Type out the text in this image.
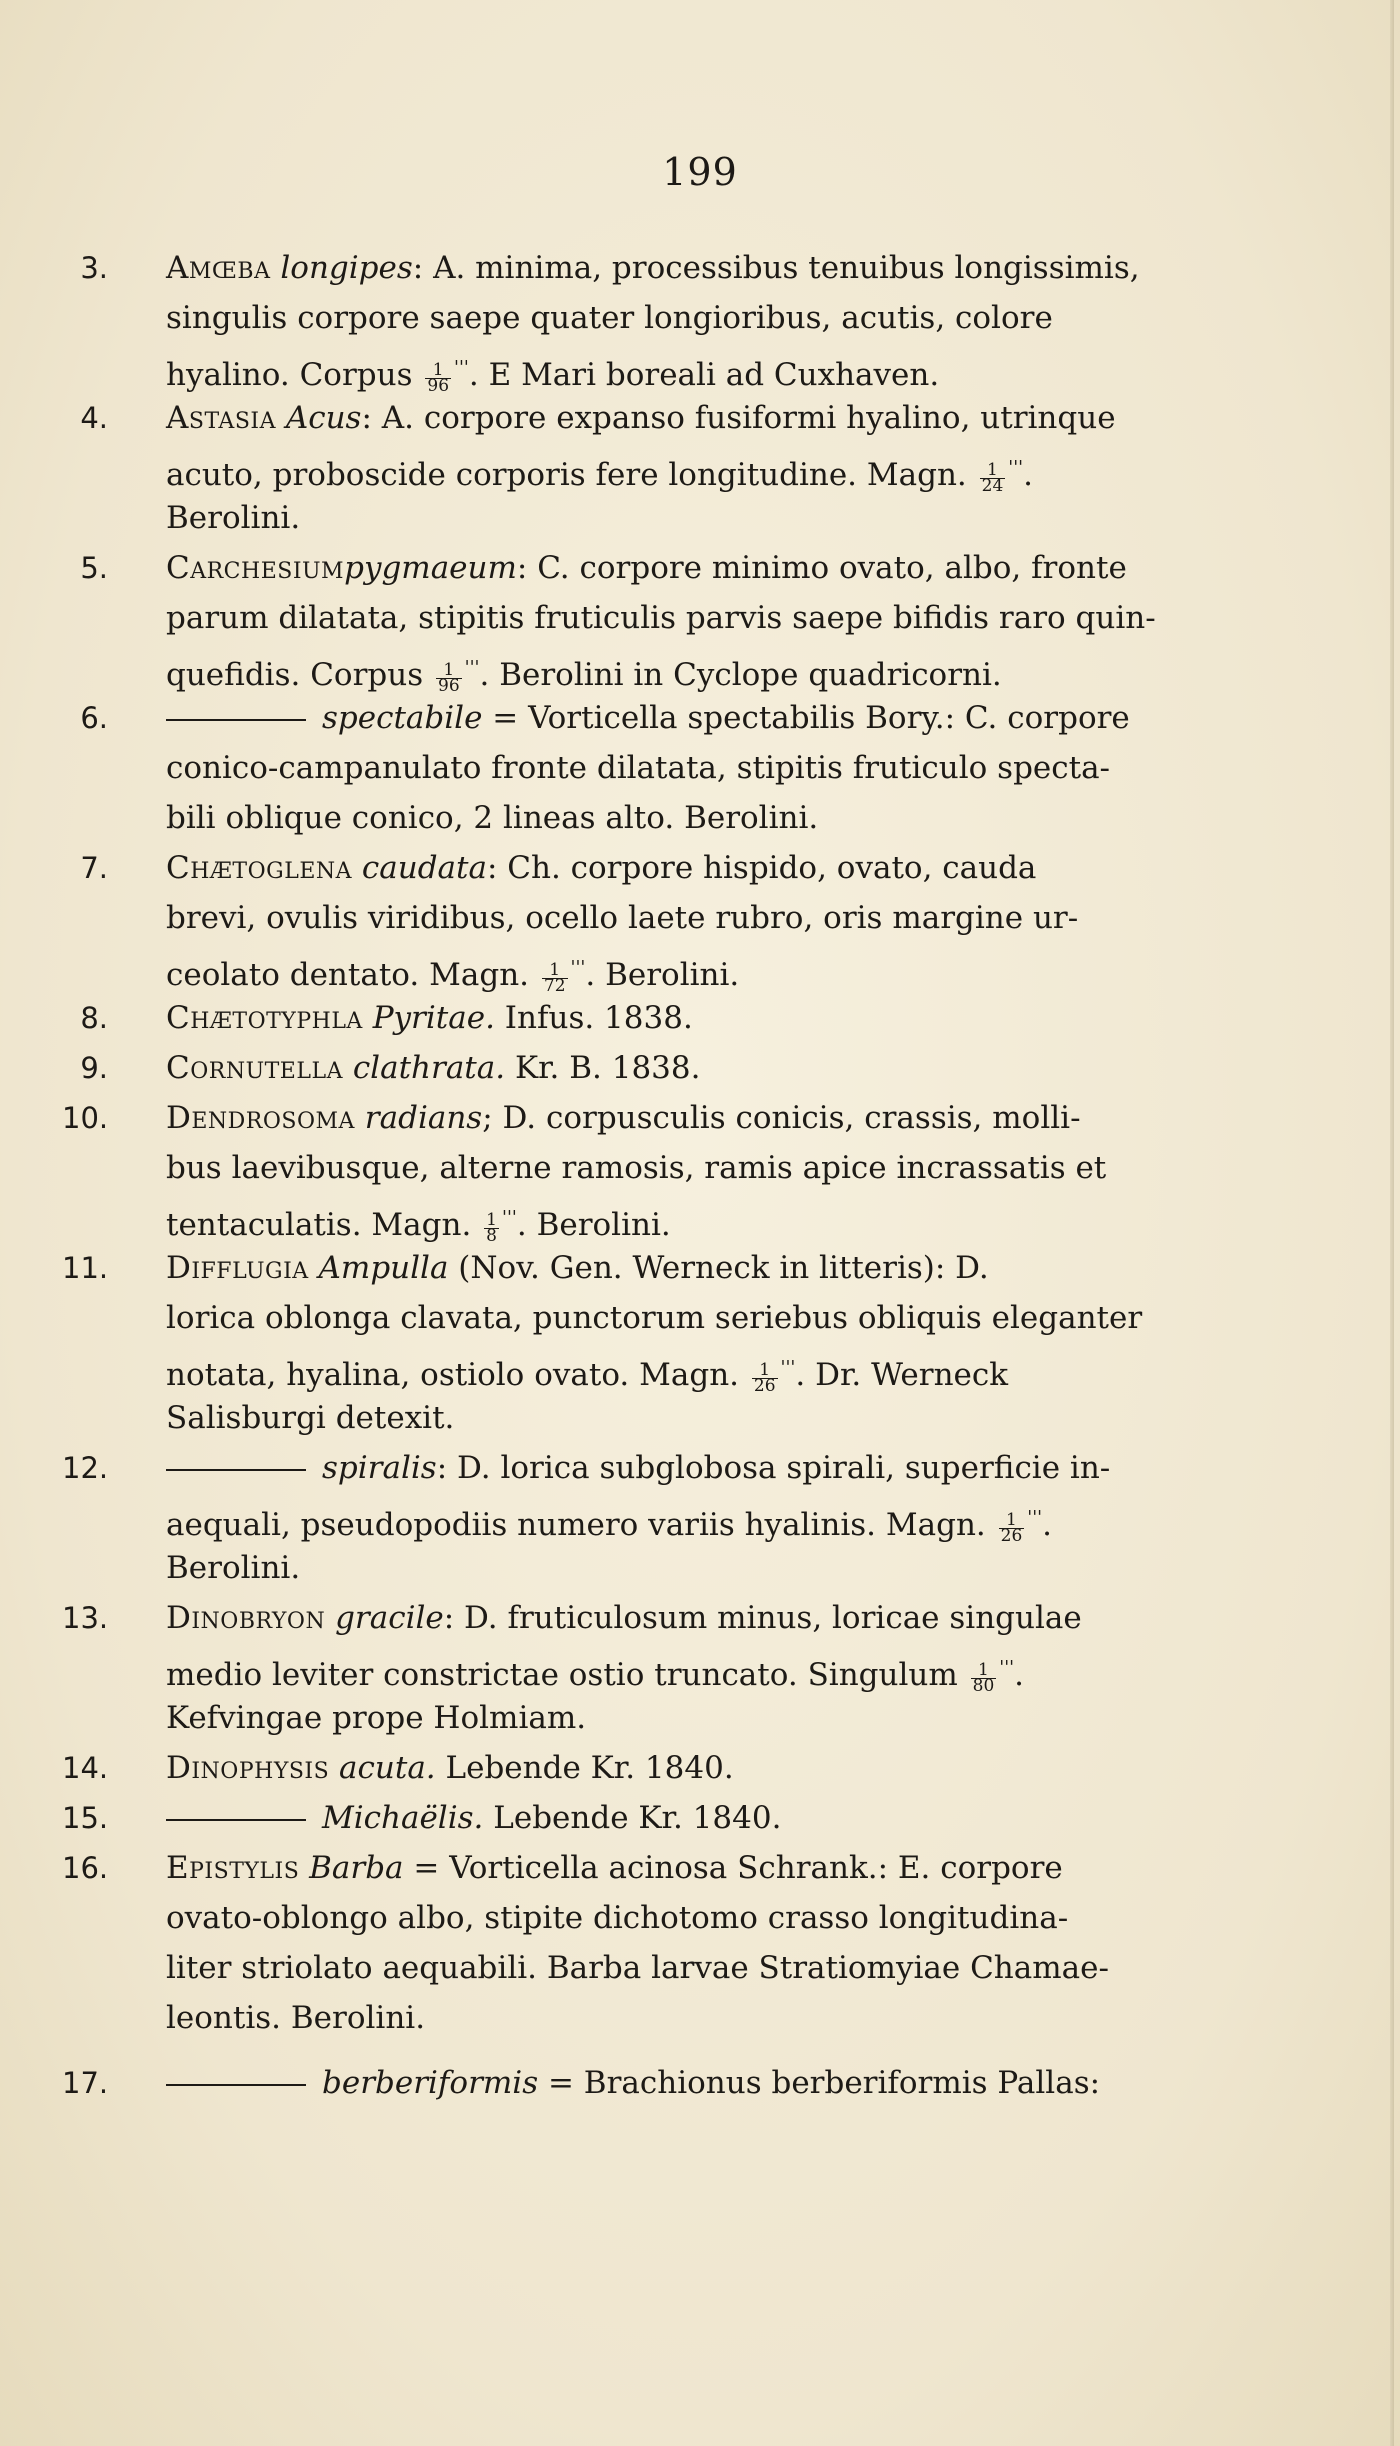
199
3. Amœba longipes: A. minima, processibus tenuibus longissimis,
singulis corpore saepe quater longioribus, acutis, colore
hyalino. Corpus $\frac{1}{96} '''$. E Mari boreali ad Cuxhaven.
4. Astasia Acus: A. corpore expanso fusiformi hyalino, utrinque
acuto, proboscide corporis fere longitudine. Magn. $\frac{1}{24} '''$.
Berolini.
5. Carchesiumpygmaeum: C. corpore minimo ovato, albo, fronte
parum dilatata, stipitis fruticulis parvis saepe bifidis raro quin-
quefidis. Corpus $\frac{1}{96} '''$. Berolini in Cyclope quadricorni.
6.	spectabile = Vorticella spectabilis Bory.: C. corpore
conico-campanulato fronte dilatata, stipitis fruticulo specta-
bili oblique conico, 2 lineas alto. Berolini.
7. Chætoglena caudata: Ch. corpore hispido, ovato, cauda
brevi, ovulis viridibus, ocello laete rubro, oris margine ur-
ceolato dentato. Magn. $\frac{1}{72} '''$. Berolini.
8. Chætotyphla Pyritae. Infus. 1838.
9. Cornutella clathrata. Kr. B. 1838.
10. Dendrosoma radians; D. corpusculis conicis, crassis, molli-
bus laevibusque, alterne ramosis, ramis apice incrassatis et
tentaculatis. Magn. $\frac{1}{8} '''$. Berolini.
11. Difflugia Ampulla (Nov. Gen. Werneck in litteris): D.
lorica oblonga clavata, punctorum seriebus obliquis eleganter
notata, hyalina, ostiolo ovato. Magn. $\frac{1}{26} '''$. Dr. Werneck
Salisburgi detexit.
12.	spiralis: D. lorica subglobosa spirali, superficie in-
aequali, pseudopodiis numero variis hyalinis. Magn. $\frac{1}{26} '''$.
Berolini.
13. Dinobryon gracile: D. fruticulosum minus, loricae singulae
medio leviter constrictae ostio truncato. Singulum $\frac{1}{80} '''$.
Kefvingae prope Holmiam.
14. Dinophysis acuta. Lebende Kr. 1840.
15.	Michaëlis. Lebende Kr. 1840.
16. Epistylis Barba = Vorticella acinosa Schrank.: E. corpore
ovato-oblongo albo, stipite dichotomo crasso longitudina-
liter striolato aequabili. Barba larvae Stratiomyiae Chamae-
leontis. Berolini.
17.	berberiformis = Brachionus berberiformis Pallas:
